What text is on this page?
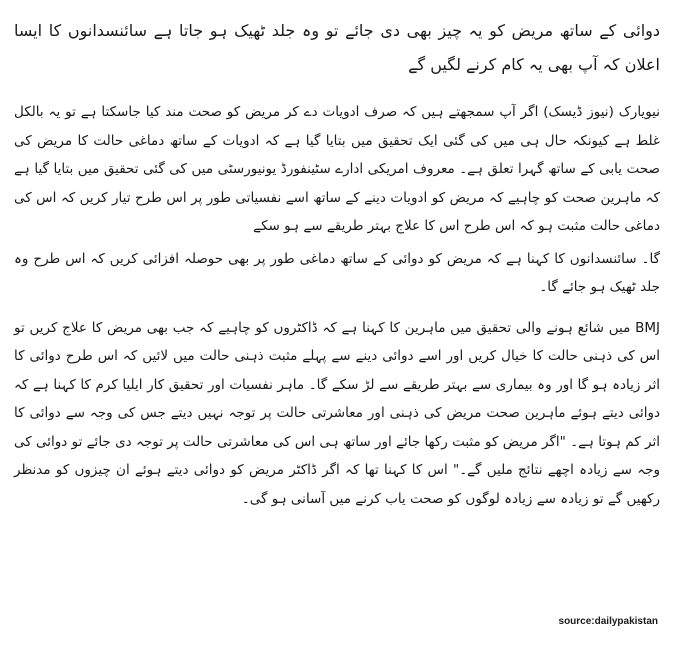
دوائی کے ساتھ مریض کو یہ چیز بھی دی جائے تو وہ جلد ٹھیک ہو جاتا ہے سائنسدانوں کا ایسا اعلان کہ آپ بھی یہ کام کرنے لگیں گے

نیویارک (نیوز ڈیسک) اگر آپ سمجھتے ہیں کہ صرف ادویات دے کر مریض کو صحت مند کیا جاسکتا ہے تو یہ بالکل غلط ہے کیونکہ حال ہی میں کی گئی ایک تحقیق میں بتایا گیا ہے کہ ادویات کے ساتھ دماغی حالت کا مریض کی صحت یابی کے ساتھ گہرا تعلق ہے۔ معروف امریکی ادارے سٹینفورڈ یونیورسٹی میں کی گئی تحقیق میں بتایا گیا ہے کہ ماہرین صحت کو چاہیے کہ مریض کو ادویات دینے کے ساتھ اسے نفسیاتی طور پر اس طرح تیار کریں کہ اس کی دماغی حالت مثبت ہو کہ اس طرح اس کا علاج بہتر طریقے سے ہو سکے

گا۔ سائنسدانوں کا کہنا ہے کہ مریض کو دوائی کے ساتھ دماغی طور پر بھی حوصلہ افزائی کریں کہ اس طرح وہ جلد ٹھیک ہو جائے گا۔

BMJ میں شائع ہونے والی تحقیق میں ماہرین کا کہنا ہے کہ ڈاکٹروں کو چاہیے کہ جب بھی مریض کا علاج کریں تو اس کی ذہنی حالت کا خیال کریں اور اسے دوائی دینے سے پہلے مثبت ذہنی حالت میں لائیں کہ اس طرح دوائی کا اثر زیادہ ہو گا اور وہ بیماری سے بہتر طریقے سے لڑ سکے گا۔ ماہر نفسیات اور تحقیق کار ایلیا کرم کا کہنا ہے کہ دوائی دیتے ہوئے ماہرین صحت مریض کی ذہنی اور معاشرتی حالت پر توجہ نہیں دیتے جس کی وجہ سے دوائی کا اثر کم ہوتا ہے۔ "اگر مریض کو مثبت رکھا جائے اور ساتھ ہی اس کی معاشرتی حالت پر توجہ دی جائے تو دوائی کی وجہ سے زیادہ اچھے نتائج ملیں گے۔" اس کا کہنا تھا کہ اگر ڈاکٹر مریض کو دوائی دیتے ہوئے ان چیزوں کو مدنظر رکھیں گے تو زیادہ سے زیادہ لوگوں کو صحت یاب کرنے میں آسانی ہو گی۔

source:dailypakistan
